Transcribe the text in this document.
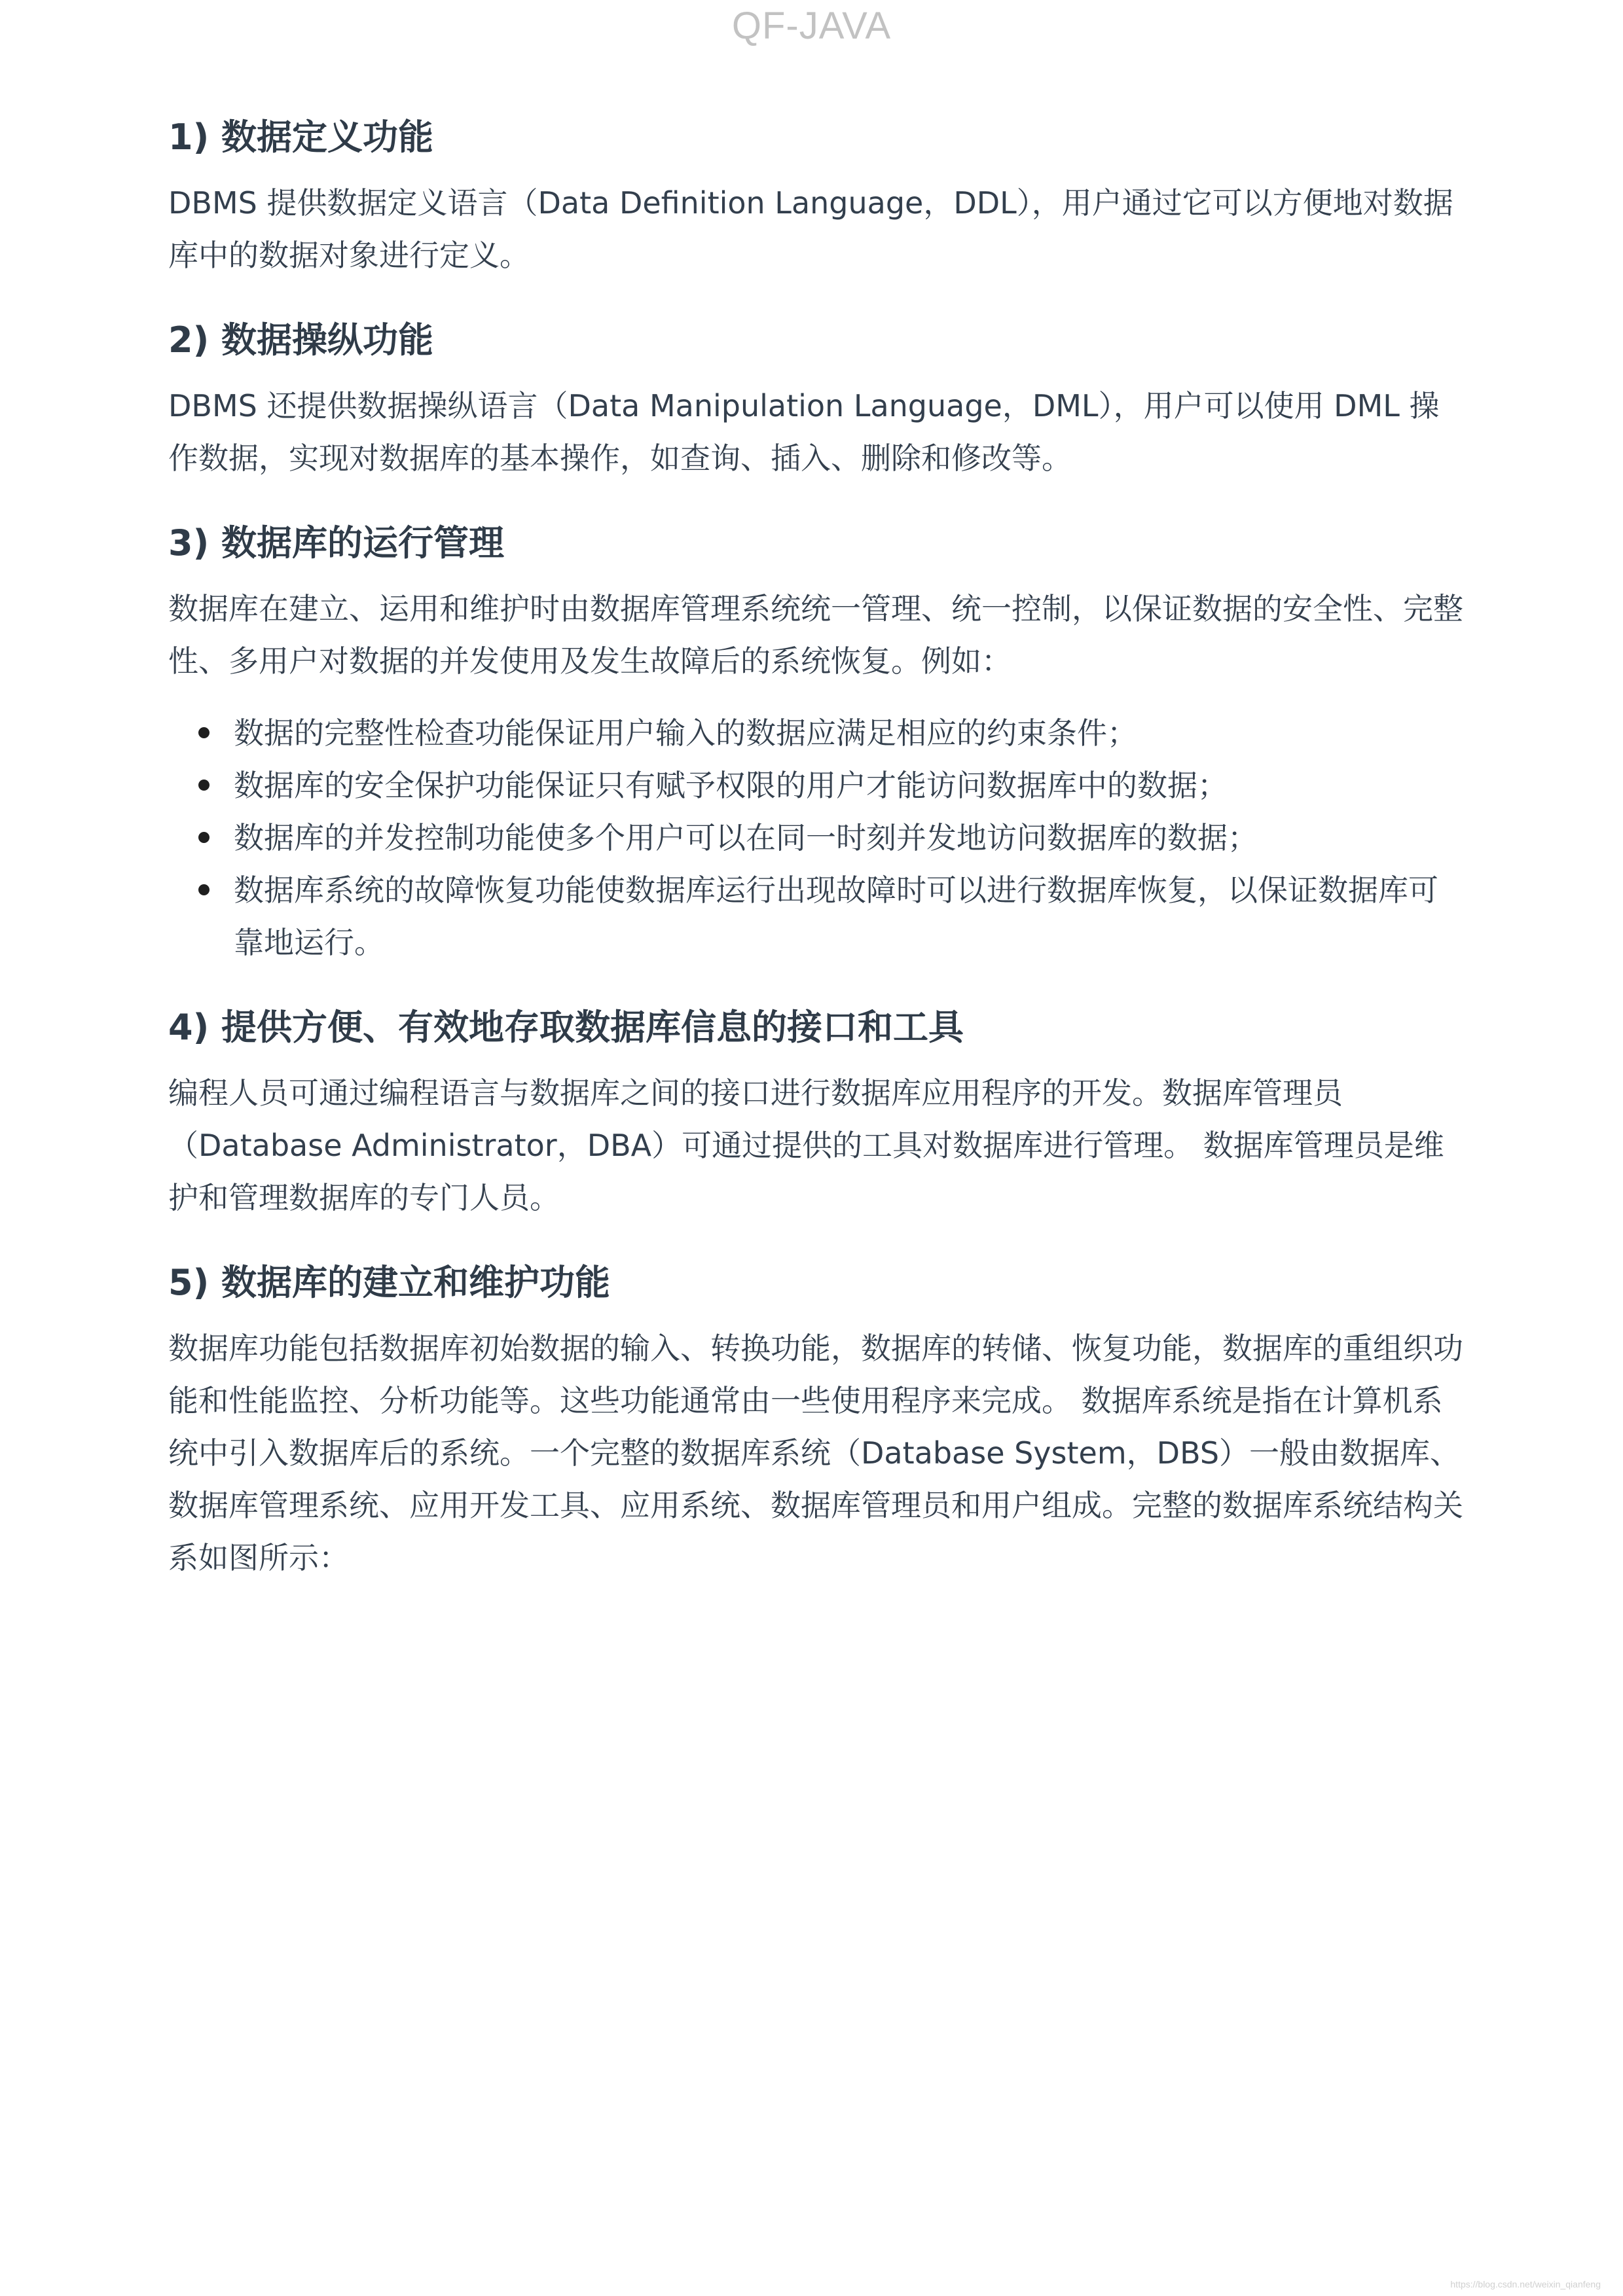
QF-JAVA
1) 数据定义功能

DBMS 提供数据定义语言（Data Definition Language，DDL），用户通过它可以方便地对数据库中的数据对象进行定义。

2) 数据操纵功能

DBMS 还提供数据操纵语言（Data Manipulation Language，DML），用户可以使用 DML 操作数据，实现对数据库的基本操作，如查询、插入、删除和修改等。

3) 数据库的运行管理

数据库在建立、运用和维护时由数据库管理系统统一管理、统一控制，以保证数据的安全性、完整性、多用户对数据的并发使用及发生故障后的系统恢复。例如：

数据的完整性检查功能保证用户输入的数据应满足相应的约束条件；
数据库的安全保护功能保证只有赋予权限的用户才能访问数据库中的数据；
数据库的并发控制功能使多个用户可以在同一时刻并发地访问数据库的数据；
数据库系统的故障恢复功能使数据库运行出现故障时可以进行数据库恢复，以保证数据库可靠地运行。
4) 提供方便、有效地存取数据库信息的接口和工具

编程人员可通过编程语言与数据库之间的接口进行数据库应用程序的开发。数据库管理员（Database Administrator，DBA）可通过提供的工具对数据库进行管理。 数据库管理员是维护和管理数据库的专门人员。

5) 数据库的建立和维护功能

数据库功能包括数据库初始数据的输入、转换功能，数据库的转储、恢复功能，数据库的重组织功能和性能监控、分析功能等。这些功能通常由一些使用程序来完成。 数据库系统是指在计算机系统中引入数据库后的系统。一个完整的数据库系统（Database System，DBS）一般由数据库、数据库管理系统、应用开发工具、应用系统、数据库管理员和用户组成。完整的数据库系统结构关系如图所示：

https://blog.csdn.net/weixin_qianfeng
